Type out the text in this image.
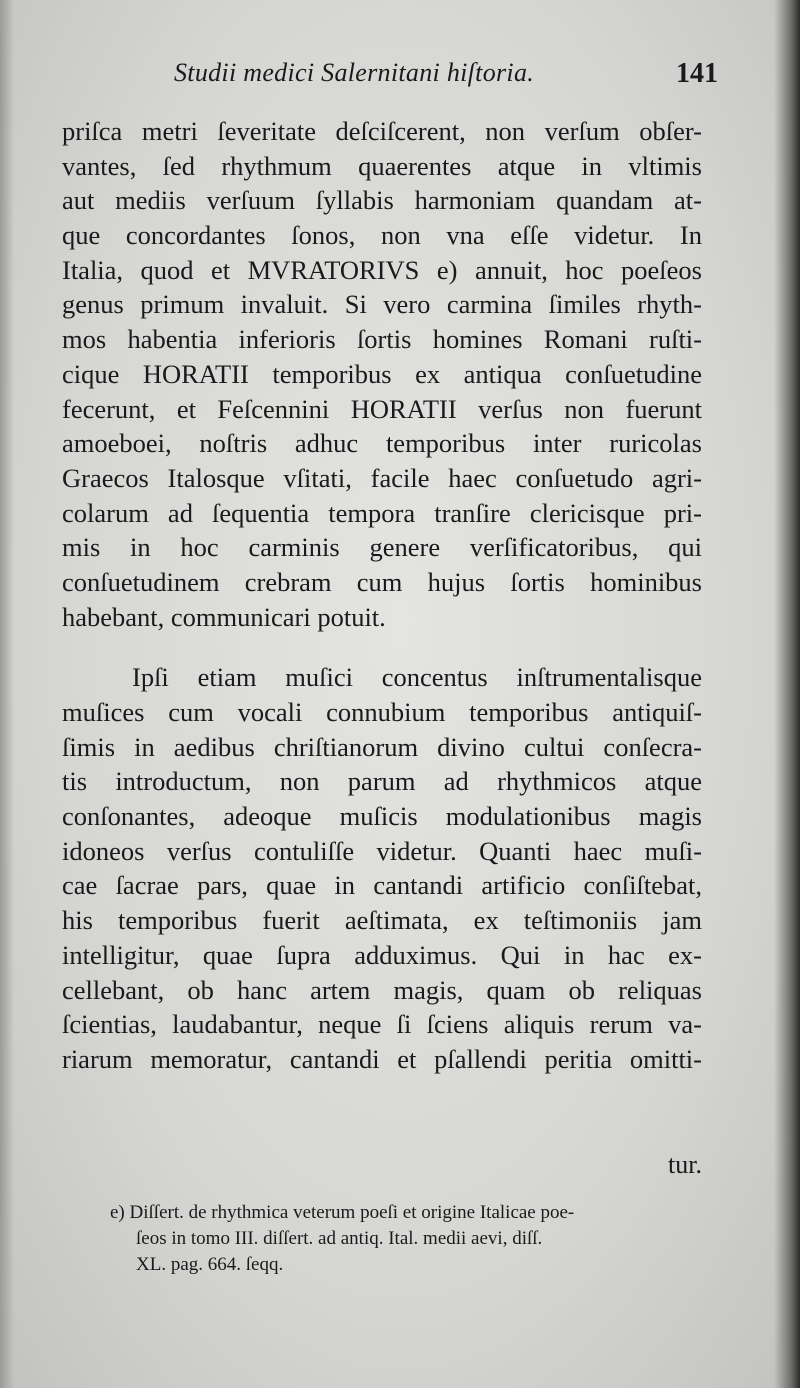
Studii medici Salernitani hiſtoria.	141
priſca metri ſeveritate deſciſcerent, non verſum obſer-
vantes, ſed rhythmum quaerentes atque in vltimis
aut mediis verſuum ſyllabis harmoniam quandam at-
que concordantes ſonos, non vna eſſe videtur. In
Italia, quod et MVRATORIVS e) annuit, hoc poeſeos
genus primum invaluit. Si vero carmina ſimiles rhyth-
mos habentia inferioris ſortis homines Romani ruſti-
cique HORATII temporibus ex antiqua conſuetudine
fecerunt, et Feſcennini HORATII verſus non fuerunt
amoeboei, noſtris adhuc temporibus inter ruricolas
Graecos Italosque vſitati, facile haec conſuetudo agri-
colarum ad ſequentia tempora tranſire clericisque pri-
mis in hoc carminis genere verſificatoribus, qui
conſuetudinem crebram cum hujus ſortis hominibus
habebant, communicari potuit.
Ipſi etiam muſici concentus inſtrumentalisque
muſices cum vocali connubium temporibus antiquiſ-
ſimis in aedibus chriſtianorum divino cultui conſecra-
tis introductum, non parum ad rhythmicos atque
conſonantes, adeoque muſicis modulationibus magis
idoneos verſus contuliſſe videtur. Quanti haec muſi-
cae ſacrae pars, quae in cantandi artificio conſiſtebat,
his temporibus fuerit aeſtimata, ex teſtimoniis jam
intelligitur, quae ſupra adduximus. Qui in hac ex-
cellebant, ob hanc artem magis, quam ob reliquas
ſcientias, laudabantur, neque ſi ſciens aliquis rerum va-
riarum memoratur, cantandi et pſallendi peritia omitti-
tur.
e) Diſſert. de rhythmica veterum poeſi et origine Italicae poe-
ſeos in tomo III. diſſert. ad antiq. Ital. medii aevi, diſſ.
XL. pag. 664. ſeqq.
